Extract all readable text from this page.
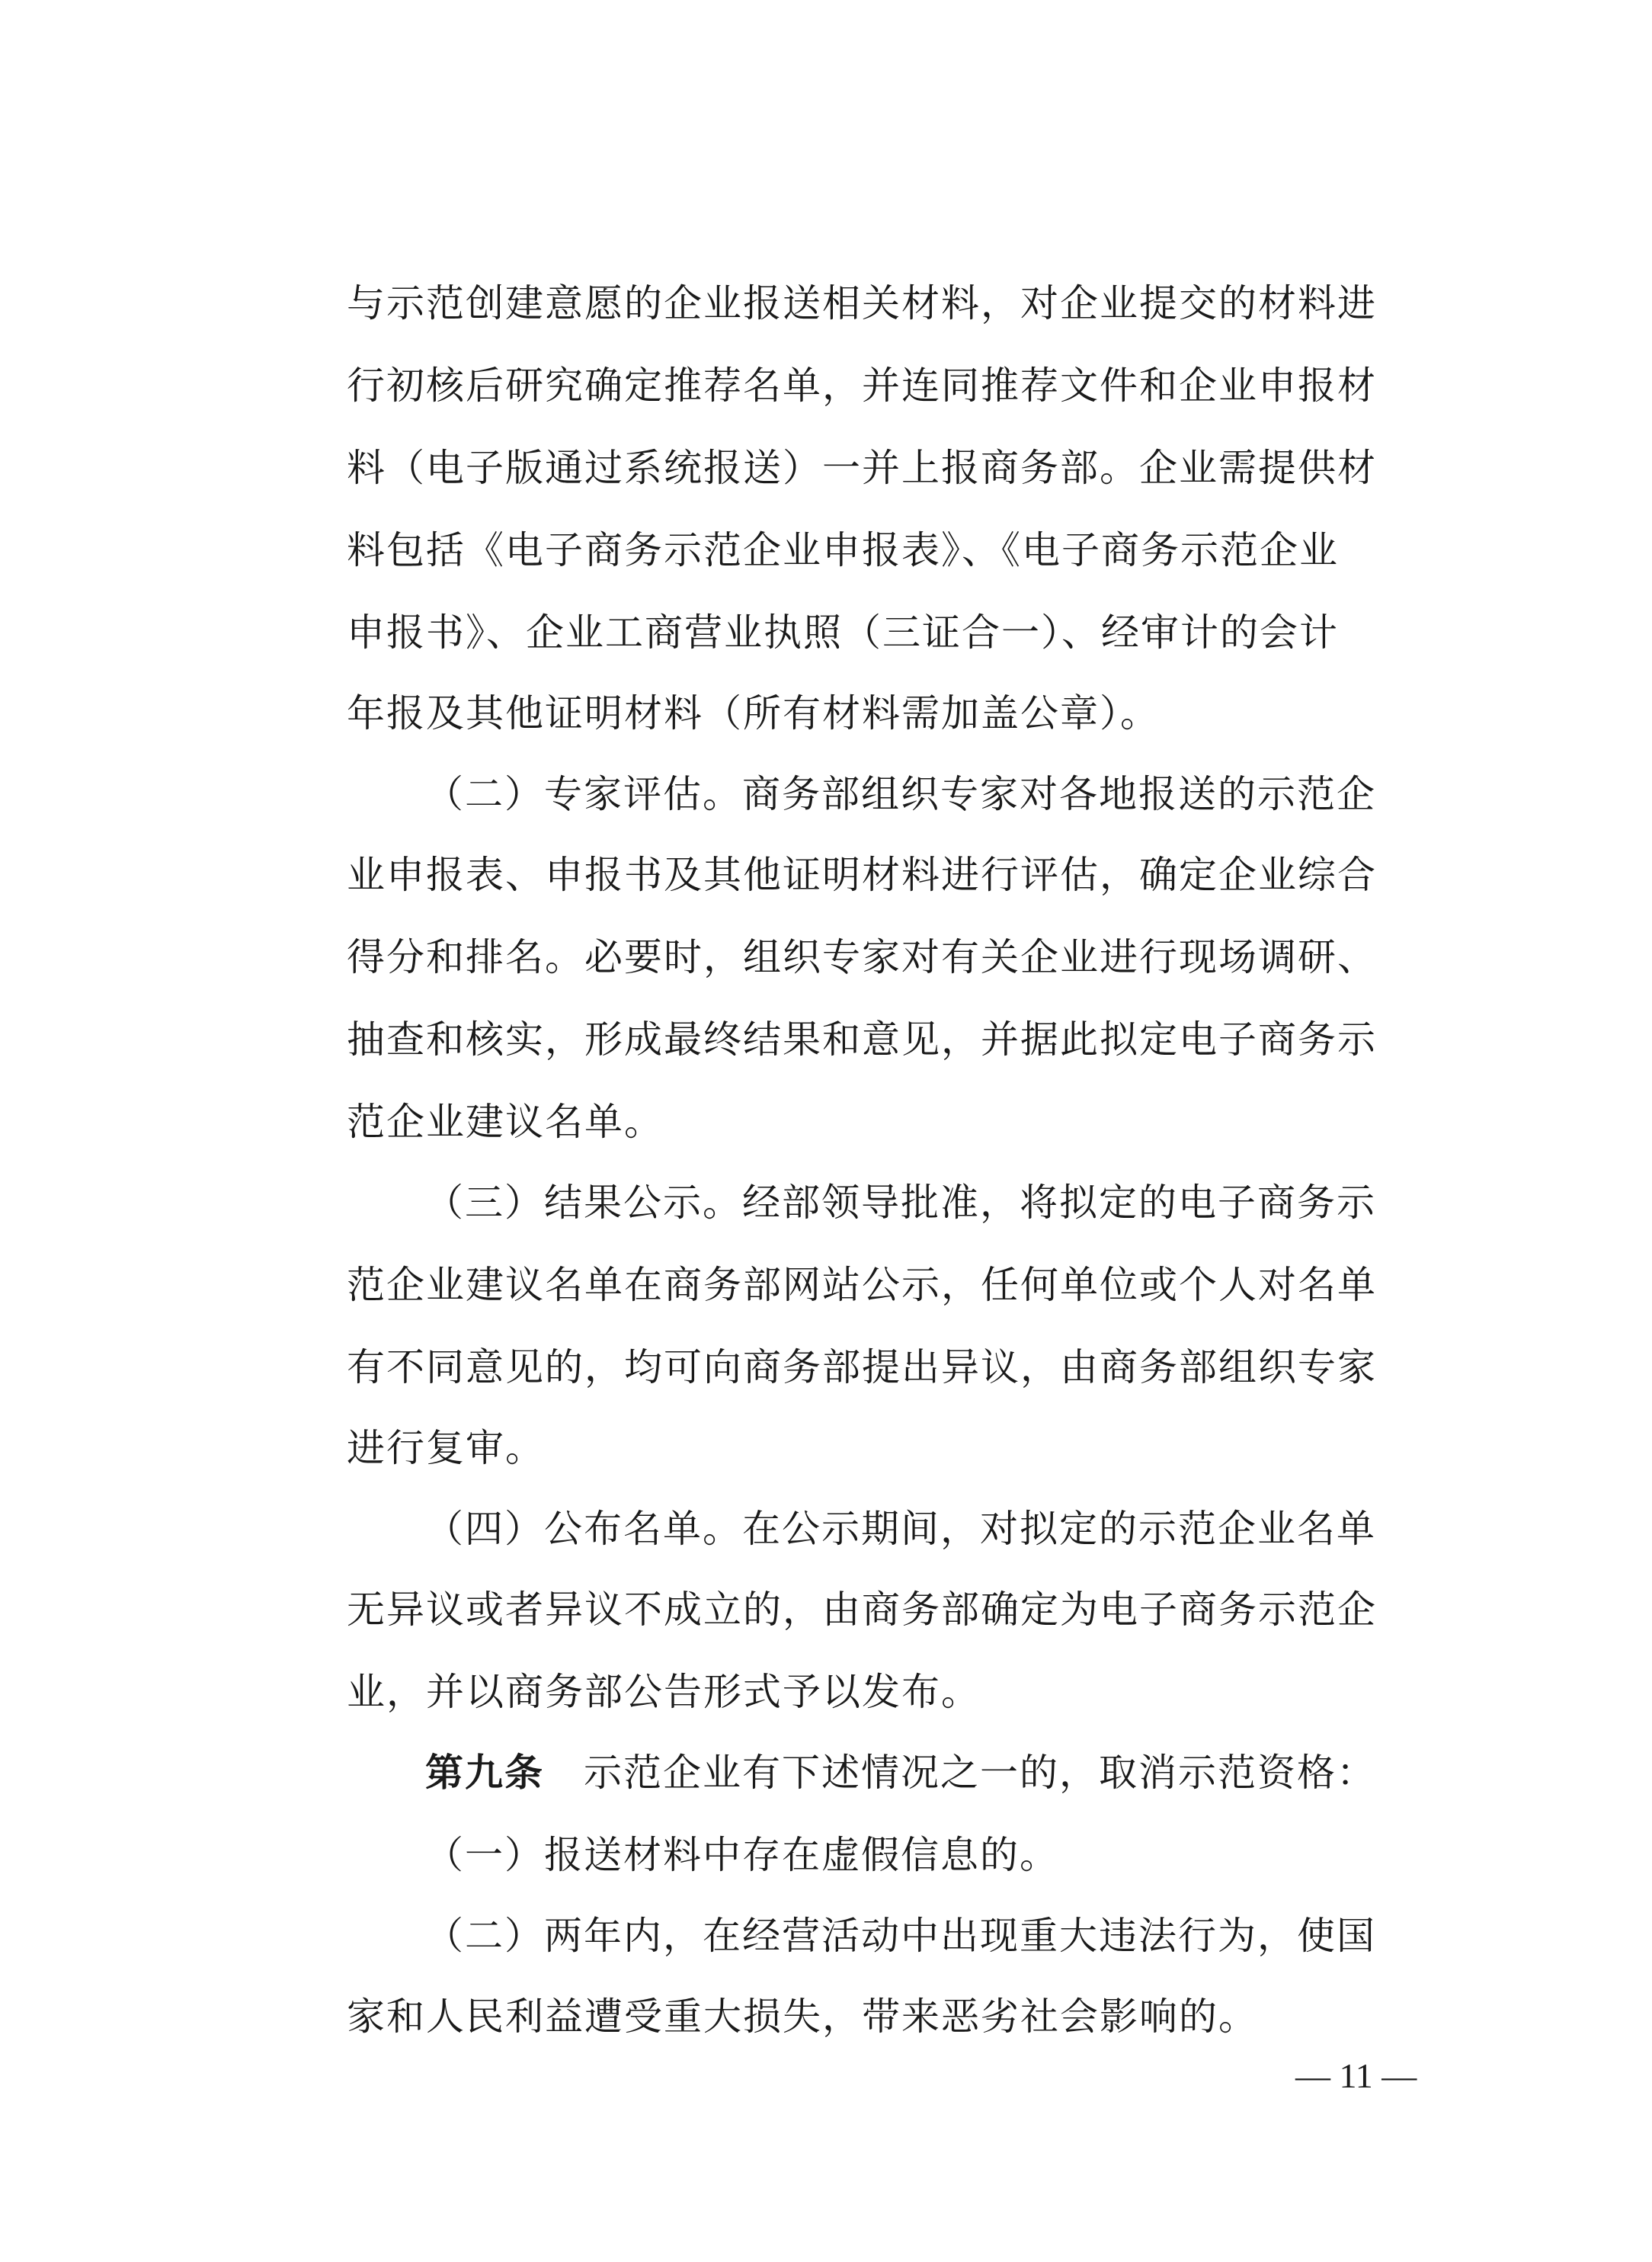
与示范创建意愿的企业报送相关材料，对企业提交的材料进
行初核后研究确定推荐名单，并连同推荐文件和企业申报材
料（电子版通过系统报送）一并上报商务部。企业需提供材
料包括《电子商务示范企业申报表》、《电子商务示范企业
申报书》、企业工商营业执照（三证合一）、经审计的会计
年报及其他证明材料（所有材料需加盖公章）。
（二）专家评估。商务部组织专家对各地报送的示范企
业申报表、申报书及其他证明材料进行评估，确定企业综合
得分和排名。必要时，组织专家对有关企业进行现场调研、
抽查和核实，形成最终结果和意见，并据此拟定电子商务示
范企业建议名单。
（三）结果公示。经部领导批准，将拟定的电子商务示
范企业建议名单在商务部网站公示，任何单位或个人对名单
有不同意见的，均可向商务部提出异议，由商务部组织专家
进行复审。
（四）公布名单。在公示期间，对拟定的示范企业名单
无异议或者异议不成立的，由商务部确定为电子商务示范企
业，并以商务部公告形式予以发布。
第九条　示范企业有下述情况之一的，取消示范资格：
（一）报送材料中存在虚假信息的。
（二）两年内，在经营活动中出现重大违法行为，使国
家和人民利益遭受重大损失，带来恶劣社会影响的。
— 11 —
